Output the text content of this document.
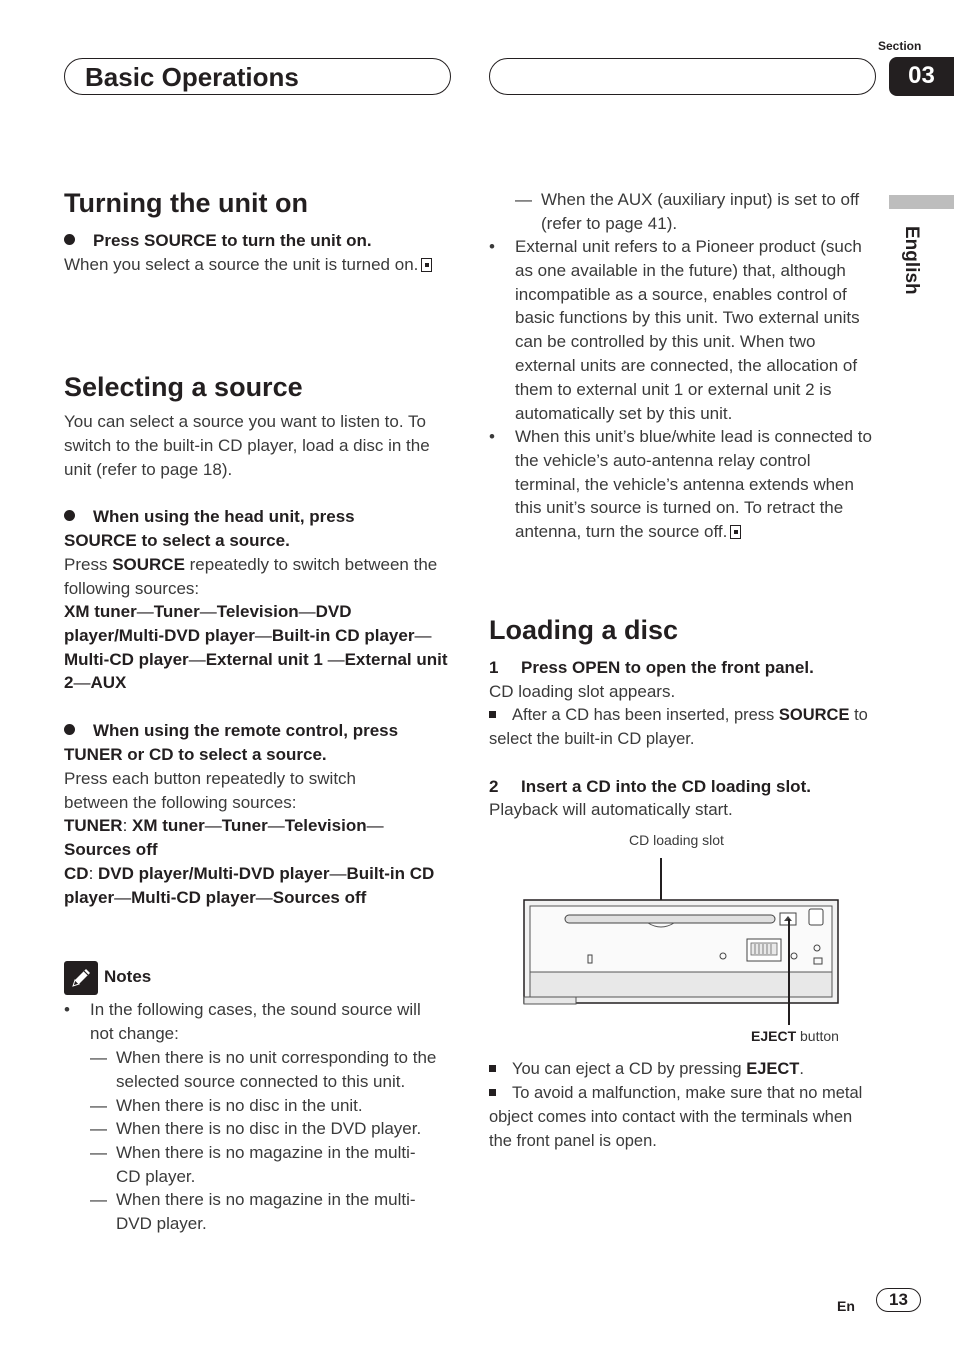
Basic Operations
Section
03
English
Turning the unit on
Press SOURCE to turn the unit on.
When you select a source the unit is turned on.
Selecting a source
You can select a source you want to listen to. To switch to the built-in CD player, load a disc in the unit (refer to page 18).
When using the head unit, press SOURCE to select a source.
Press SOURCE repeatedly to switch between the following sources:
XM tuner—Tuner—Television—DVD player/Multi-DVD player—Built-in CD player—Multi-CD player—External unit 1 —External unit 2—AUX
When using the remote control, press TUNER or CD to select a source.
Press each button repeatedly to switch between the following sources:
TUNER: XM tuner—Tuner—Television—Sources off
CD: DVD player/Multi-DVD player—Built-in CD player—Multi-CD player—Sources off
Notes
• In the following cases, the sound source will not change:
— When there is no unit corresponding to the selected source connected to this unit.
— When there is no disc in the unit.
— When there is no disc in the DVD player.
— When there is no magazine in the multi-CD player.
— When there is no magazine in the multi-DVD player.
— When the AUX (auxiliary input) is set to off (refer to page 41).
• External unit refers to a Pioneer product (such as one available in the future) that, although incompatible as a source, enables control of basic functions by this unit. Two external units can be controlled by this unit. When two external units are connected, the allocation of them to external unit 1 or external unit 2 is automatically set by this unit.
• When this unit’s blue/white lead is connected to the vehicle’s auto-antenna relay control terminal, the vehicle’s antenna extends when this unit’s source is turned on. To retract the antenna, turn the source off.
Loading a disc
1 Press OPEN to open the front panel.
CD loading slot appears.
After a CD has been inserted, press SOURCE to select the built-in CD player.
2 Insert a CD into the CD loading slot.
Playback will automatically start.
CD loading slot
EJECT button
You can eject a CD by pressing EJECT.
To avoid a malfunction, make sure that no metal object comes into contact with the terminals when the front panel is open.
En	13
